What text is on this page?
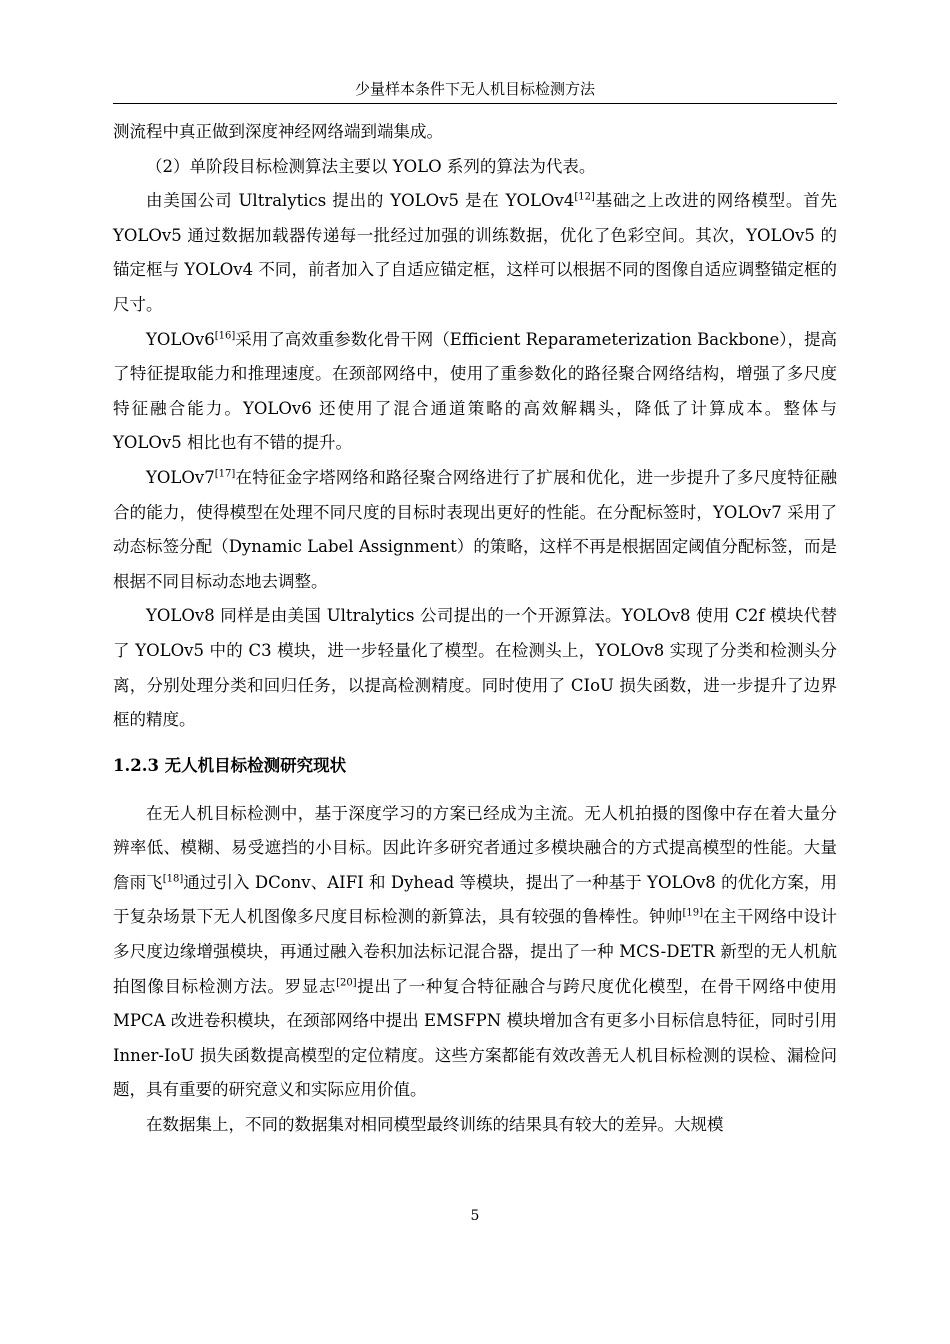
少量样本条件下无人机目标检测方法

测流程中真正做到深度神经网络端到端集成。

（2）单阶段目标检测算法主要以 YOLO 系列的算法为代表。

由美国公司 Ultralytics 提出的 YOLOv5 是在 YOLOv4[12]基础之上改进的网络模型。首先 YOLOv5 通过数据加载器传递每一批经过加强的训练数据，优化了色彩空间。其次，YOLOv5 的锚定框与 YOLOv4 不同，前者加入了自适应锚定框，这样可以根据不同的图像自适应调整锚定框的尺寸。

YOLOv6[16]采用了高效重参数化骨干网（Efficient Reparameterization Backbone），提高了特征提取能力和推理速度。在颈部网络中，使用了重参数化的路径聚合网络结构，增强了多尺度特征融合能力。YOLOv6 还使用了混合通道策略的高效解耦头，降低了计算成本。整体与 YOLOv5 相比也有不错的提升。

YOLOv7[17]在特征金字塔网络和路径聚合网络进行了扩展和优化，进一步提升了多尺度特征融合的能力，使得模型在处理不同尺度的目标时表现出更好的性能。在分配标签时，YOLOv7 采用了动态标签分配（Dynamic Label Assignment）的策略，这样不再是根据固定阈值分配标签，而是根据不同目标动态地去调整。

YOLOv8 同样是由美国 Ultralytics 公司提出的一个开源算法。YOLOv8 使用 C2f 模块代替了 YOLOv5 中的 C3 模块，进一步轻量化了模型。在检测头上，YOLOv8 实现了分类和检测头分离，分别处理分类和回归任务，以提高检测精度。同时使用了 CIoU 损失函数，进一步提升了边界框的精度。

1.2.3 无人机目标检测研究现状

在无人机目标检测中，基于深度学习的方案已经成为主流。无人机拍摄的图像中存在着大量分辨率低、模糊、易受遮挡的小目标。因此许多研究者通过多模块融合的方式提高模型的性能。大量詹雨飞[18]通过引入 DConv、AIFI 和 Dyhead 等模块，提出了一种基于 YOLOv8 的优化方案，用于复杂场景下无人机图像多尺度目标检测的新算法，具有较强的鲁棒性。钟帅[19]在主干网络中设计多尺度边缘增强模块，再通过融入卷积加法标记混合器，提出了一种 MCS-DETR 新型的无人机航拍图像目标检测方法。罗显志[20]提出了一种复合特征融合与跨尺度优化模型，在骨干网络中使用 MPCA 改进卷积模块，在颈部网络中提出 EMSFPN 模块增加含有更多小目标信息特征，同时引用 Inner-IoU 损失函数提高模型的定位精度。这些方案都能有效改善无人机目标检测的误检、漏检问题，具有重要的研究意义和实际应用价值。

在数据集上，不同的数据集对相同模型最终训练的结果具有较大的差异。大规模

5
